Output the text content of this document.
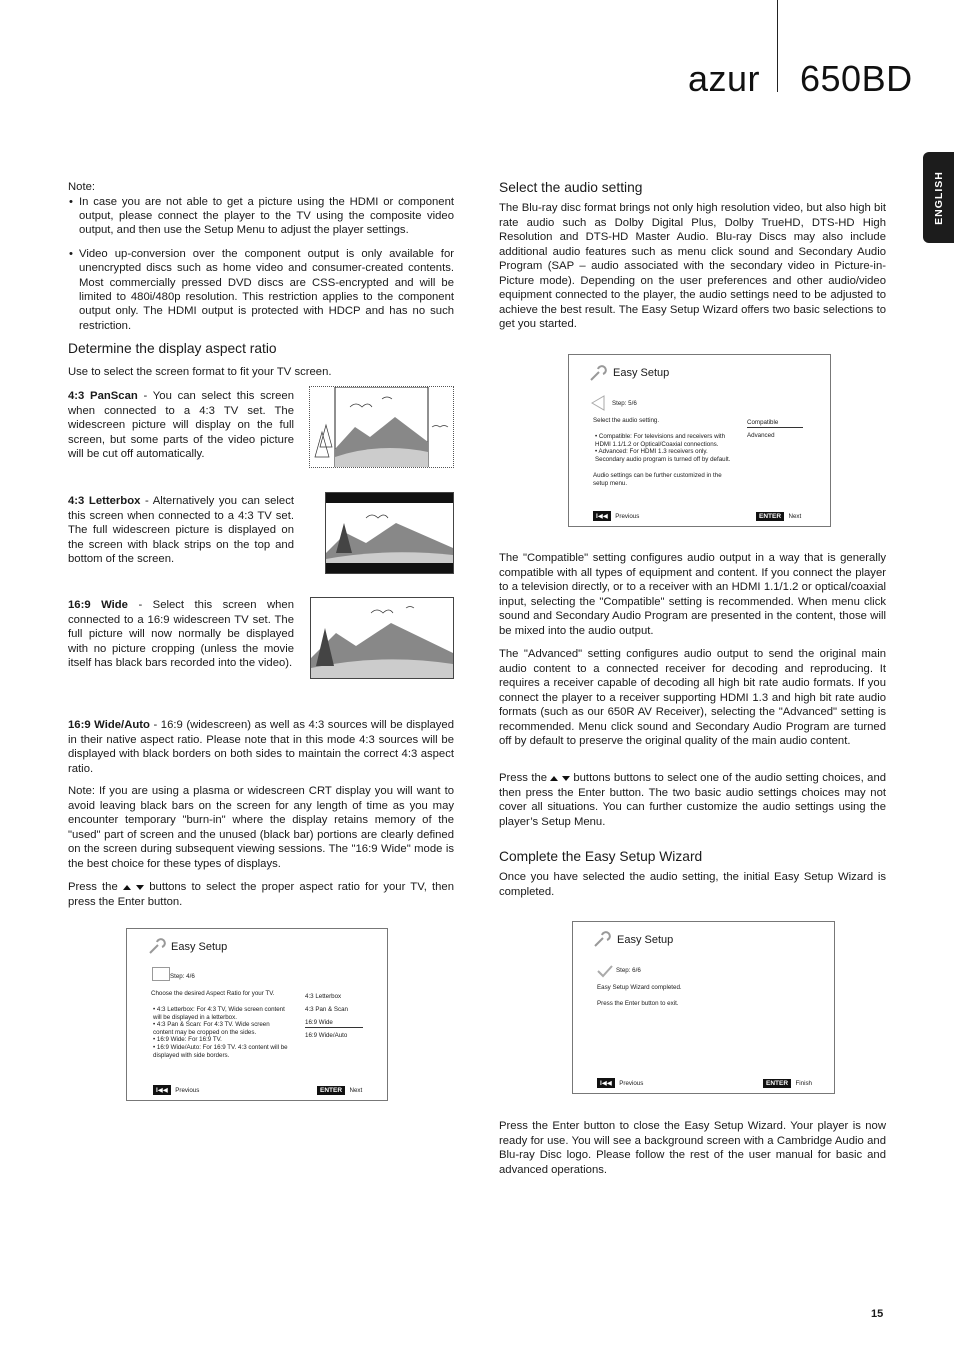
azur 650BD
ENGLISH

Note:

• In case you are not able to get a picture using the HDMI or component output, please connect the player to the TV using the composite video output, and then use the Setup Menu to adjust the player settings.
• Video up-conversion over the component output is only available for unencrypted discs such as home video and consumer-created contents. Most commercially pressed DVD discs are CSS-encrypted and will be limited to 480i/480p resolution. This restriction applies to the component output only. The HDMI output is protected with HDCP and has no such restriction.
Determine the display aspect ratio

Use to select the screen format to fit your TV screen.

4:3 PanScan - You can select this screen when connected to a 4:3 TV set. The widescreen picture will display on the full screen, but some parts of the video picture will be cut off automatically.

4:3 Letterbox - Alternatively you can select this screen when connected to a 4:3 TV set. The full widescreen picture is displayed on the screen with black strips on the top and bottom of the screen.

16:9 Wide - Select this screen when connected to a 16:9 widescreen TV set. The full picture will now normally be displayed with no picture cropping (unless the movie itself has black bars recorded into the video).

16:9 Wide/Auto - 16:9 (widescreen) as well as 4:3 sources will be displayed in their native aspect ratio. Please note that in this mode 4:3 sources will be displayed with black borders on both sides to maintain the correct 4:3 aspect ratio.

Note: If you are using a plasma or widescreen CRT display you will want to avoid leaving black bars on the screen for any length of time as you may encounter temporary "burn-in" where the display retains memory of the "used" part of screen and the unused (black bar) portions are clearly defined on the screen during subsequent viewing sessions. The "16:9 Wide" mode is the best choice for these types of displays.

Press the   buttons to select the proper aspect ratio for your TV, then press the Enter button.

Easy Setup
Step: 4/6
Choose the desired Aspect Ratio for your TV.
• 4:3 Letterbox: For 4:3 TV, Wide screen content
will be displayed in a letterbox.
• 4:3 Pan & Scan: For 4:3 TV. Wide screen
content may be cropped on the sides.
• 16:9 Wide: For 16:9 TV.
• 16:9 Wide/Auto: For 16:9 TV. 4:3 content will be
displayed with side borders.
4:3 Letterbox
4:3 Pan & Scan
16:9 Wide
16:9 Wide/Auto
I◀◀ Previous	ENTER Next
Select the audio setting

The Blu-ray disc format brings not only high resolution video, but also high bit rate audio such as Dolby Digital Plus, Dolby TrueHD, DTS-HD High Resolution and DTS-HD Master Audio. Blu-ray Discs may also include additional audio features such as menu click sound and Secondary Audio Program (SAP – audio associated with the secondary video in Picture-in-Picture mode). Depending on the user preferences and other audio/video equipment connected to the player, the audio settings need to be adjusted to achieve the best result. The Easy Setup Wizard offers two basic selections to get you started.

Easy Setup
Step: 5/6
Select the audio setting.
• Compatible: For televisions and receivers with
HDMI 1.1/1.2 or Optical/Coaxial connections.
• Advanced: For HDMI 1.3 receivers only.
Secondary audio program is turned off by default.
Audio settings can be further customized in the
setup menu.
Compatible
Advanced
I◀◀ Previous	ENTER Next

The "Compatible" setting configures audio output in a way that is generally compatible with all types of equipment and content. If you connect the player to a television directly, or to a receiver with an HDMI 1.1/1.2 or optical/coaxial input, selecting the "Compatible" setting is recommended. When menu click sound and Secondary Audio Program are presented in the content, those will be mixed into the audio output.

The "Advanced" setting configures audio output to send the original main audio content to a connected receiver for decoding and reproducing. It requires a receiver capable of decoding all high bit rate audio formats. If you connect the player to a receiver supporting HDMI 1.3 and high bit rate audio formats (such as our 650R AV Receiver), selecting the "Advanced" setting is recommended. Menu click sound and Secondary Audio Program are turned off by default to preserve the original quality of the main audio content.

Press the   buttons buttons to select one of the audio setting choices, and then press the Enter button. The two basic audio settings choices may not cover all situations. You can further customize the audio settings using the player’s Setup Menu.

Complete the Easy Setup Wizard

Once you have selected the audio setting, the initial Easy Setup Wizard is completed.

Easy Setup
Step: 6/6
Easy Setup Wizard completed.
Press the Enter button to exit.
I◀◀ Previous	ENTER Finish

Press the Enter button to close the Easy Setup Wizard. Your player is now ready for use. You will see a background screen with a Cambridge Audio and Blu-ray Disc logo. Please follow the rest of the user manual for basic and advanced operations.

15
